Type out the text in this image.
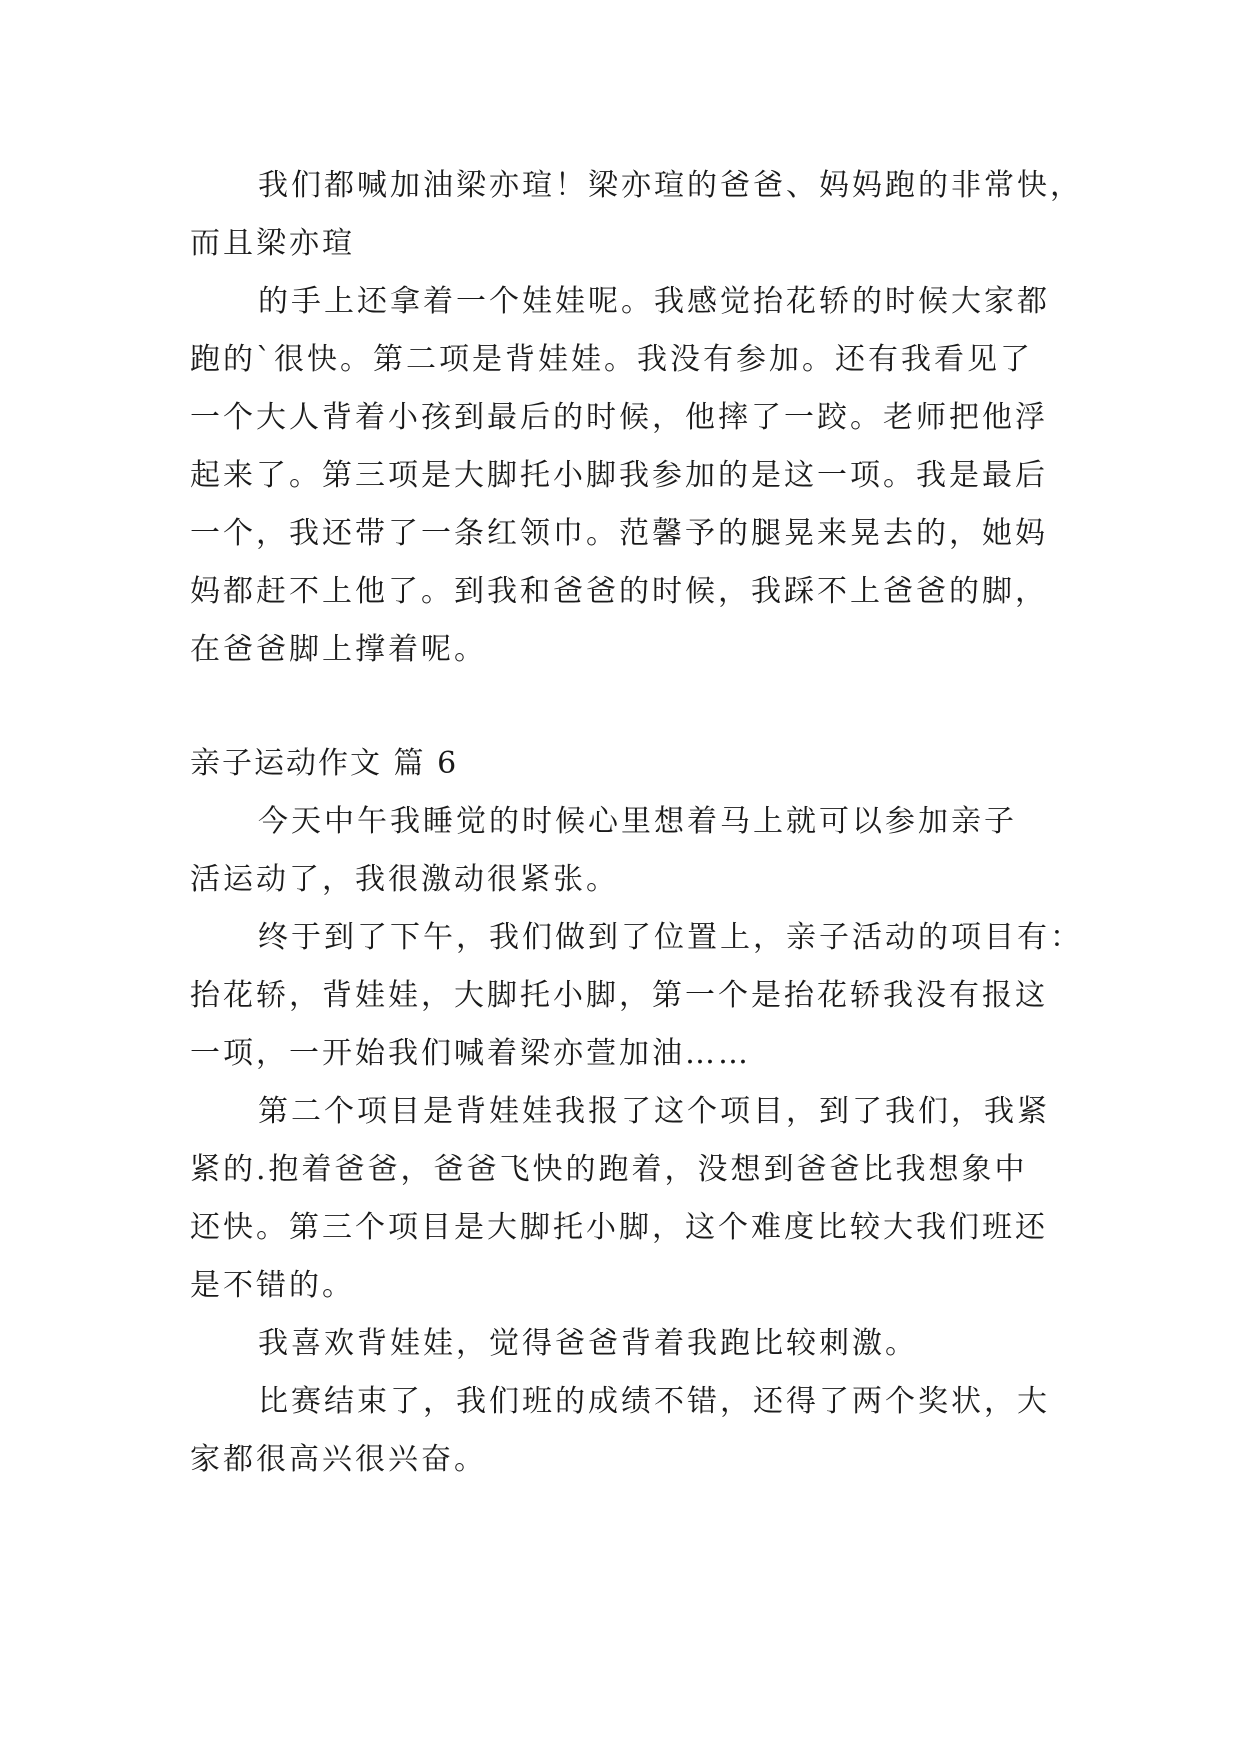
我们都喊加油梁亦瑄！梁亦瑄的爸爸、妈妈跑的非常快，
而且梁亦瑄
的手上还拿着一个娃娃呢。我感觉抬花轿的时候大家都
跑的`很快。第二项是背娃娃。我没有参加。还有我看见了
一个大人背着小孩到最后的时候，他摔了一跤。老师把他浮
起来了。第三项是大脚托小脚我参加的是这一项。我是最后
一个，我还带了一条红领巾。范馨予的腿晃来晃去的，她妈
妈都赶不上他了。到我和爸爸的时候，我踩不上爸爸的脚，
在爸爸脚上撑着呢。
亲子运动作文 篇 6
今天中午我睡觉的时候心里想着马上就可以参加亲子
活运动了，我很激动很紧张。
终于到了下午，我们做到了位置上，亲子活动的项目有：
抬花轿，背娃娃，大脚托小脚，第一个是抬花轿我没有报这
一项，一开始我们喊着梁亦萱加油……
第二个项目是背娃娃我报了这个项目，到了我们，我紧
紧的.抱着爸爸，爸爸飞快的跑着，没想到爸爸比我想象中
还快。第三个项目是大脚托小脚，这个难度比较大我们班还
是不错的。
我喜欢背娃娃，觉得爸爸背着我跑比较刺激。
比赛结束了，我们班的成绩不错，还得了两个奖状，大
家都很高兴很兴奋。
